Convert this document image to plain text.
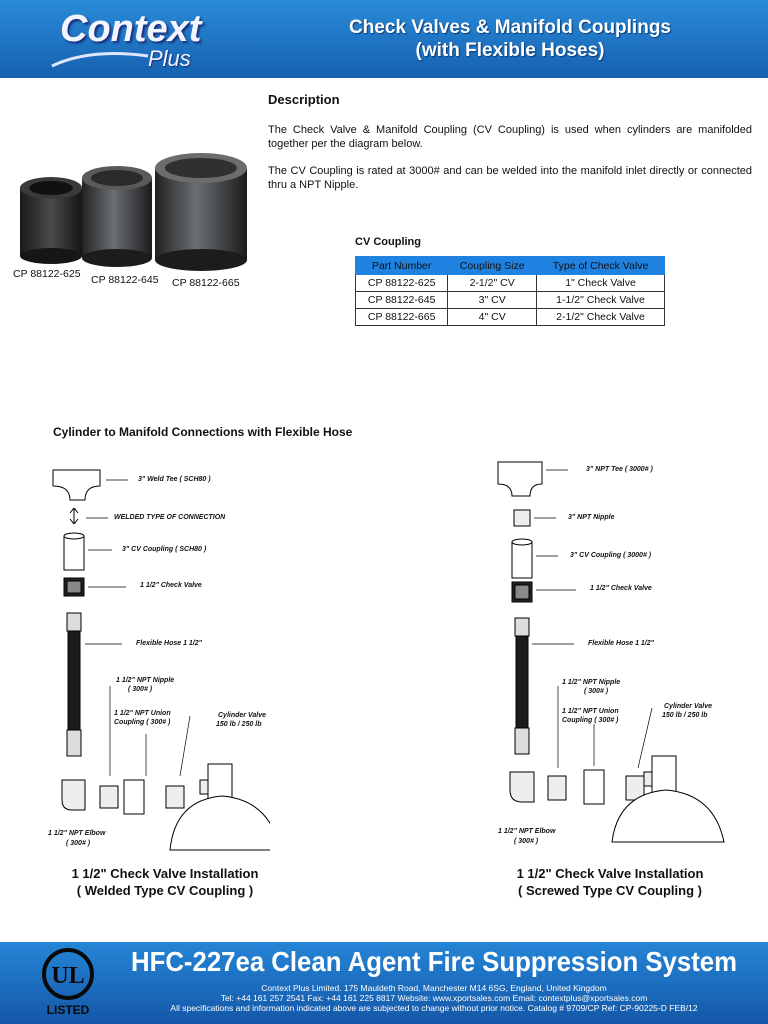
Context
Plus
Check Valves & Manifold Couplings
(with Flexible Hoses)
Description
The Check Valve & Manifold Coupling (CV Coupling) is used when cylinders are manifolded together per the diagram below.
The CV Coupling is rated at 3000# and can be welded into the manifold inlet directly or connected thru a NPT Nipple.
CP 88122-625 CP 88122-645 CP 88122-665
CV Coupling
Part Number	Coupling Size	Type of Check Valve
CP 88122-625	2-1/2" CV	1" Check Valve
CP 88122-645	3" CV	1-1/2" Check Valve
CP 88122-665	4" CV	2-1/2" Check Valve
Cylinder to Manifold Connections with Flexible Hose
3" Weld Tee ( SCH80 )
WELDED TYPE OF CONNECTION
3" CV Coupling ( SCH80 )
1 1/2" Check Valve
Flexible Hose 1 1/2"
1 1/2" NPT Nipple
( 300# )
1 1/2" NPT Union
Coupling ( 300# )
Cylinder Valve
150 lb / 250 lb
1 1/2" NPT Elbow
( 300# )
1 1/2" Check Valve Installation
( Welded Type CV Coupling )
3" NPT Tee ( 3000# )
3" NPT Nipple
3" CV Coupling ( 3000# )
1 1/2" Check Valve
Flexible Hose 1 1/2"
1 1/2" NPT Nipple
( 300# )
1 1/2" NPT Union
Coupling ( 300# )
Cylinder Valve
150 lb / 250 lb
1 1/2" NPT Elbow
( 300# )
1 1/2" Check Valve Installation
( Screwed Type CV Coupling )
UL
LISTED
HFC-227ea Clean Agent Fire Suppression System
Context Plus Limited. 175 Mauldeth Road, Manchester M14 6SG, England, United Kingdom
Tel: +44 161 257 2541 Fax: +44 161 225 8817 Website: www.xportsales.com Email: contextplus@xportsales.com
All specifications and information indicated above are subjected to change without prior notice. Catalog # 9709/CP Ref: CP-90225-D FEB/12
